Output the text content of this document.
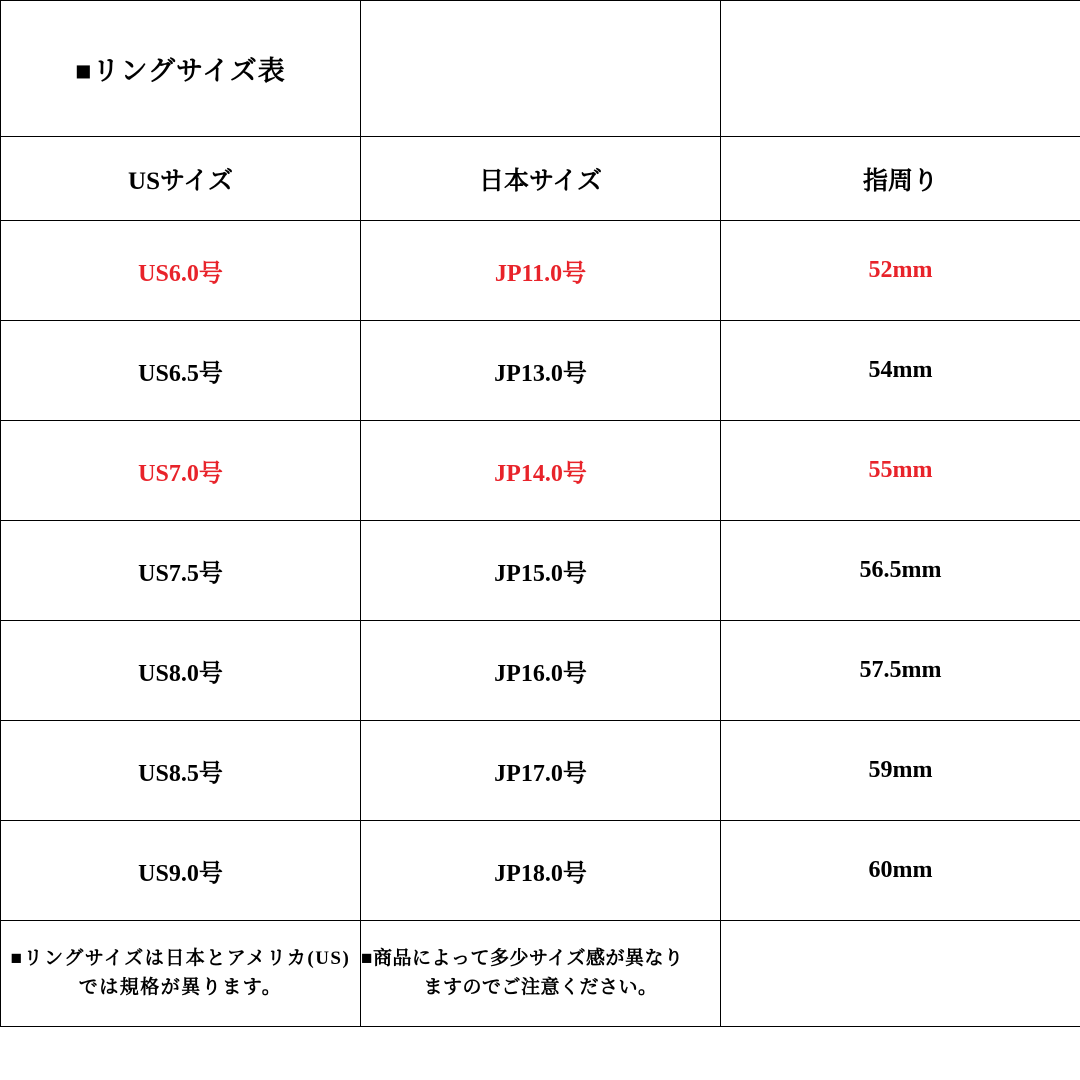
■リングサイズ表		
USサイズ	日本サイズ	指周り
US6.0号	JP11.0号	52mm
US6.5号	JP13.0号	54mm
US7.0号	JP14.0号	55mm
US7.5号	JP15.0号	56.5mm
US8.0号	JP16.0号	57.5mm
US8.5号	JP17.0号	59mm
US9.0号	JP18.0号	60mm
■リングサイズは日本とアメリカ(US)では規格が異ります。	■商品によって多少サイズ感が異なり
ますのでご注意ください。	
